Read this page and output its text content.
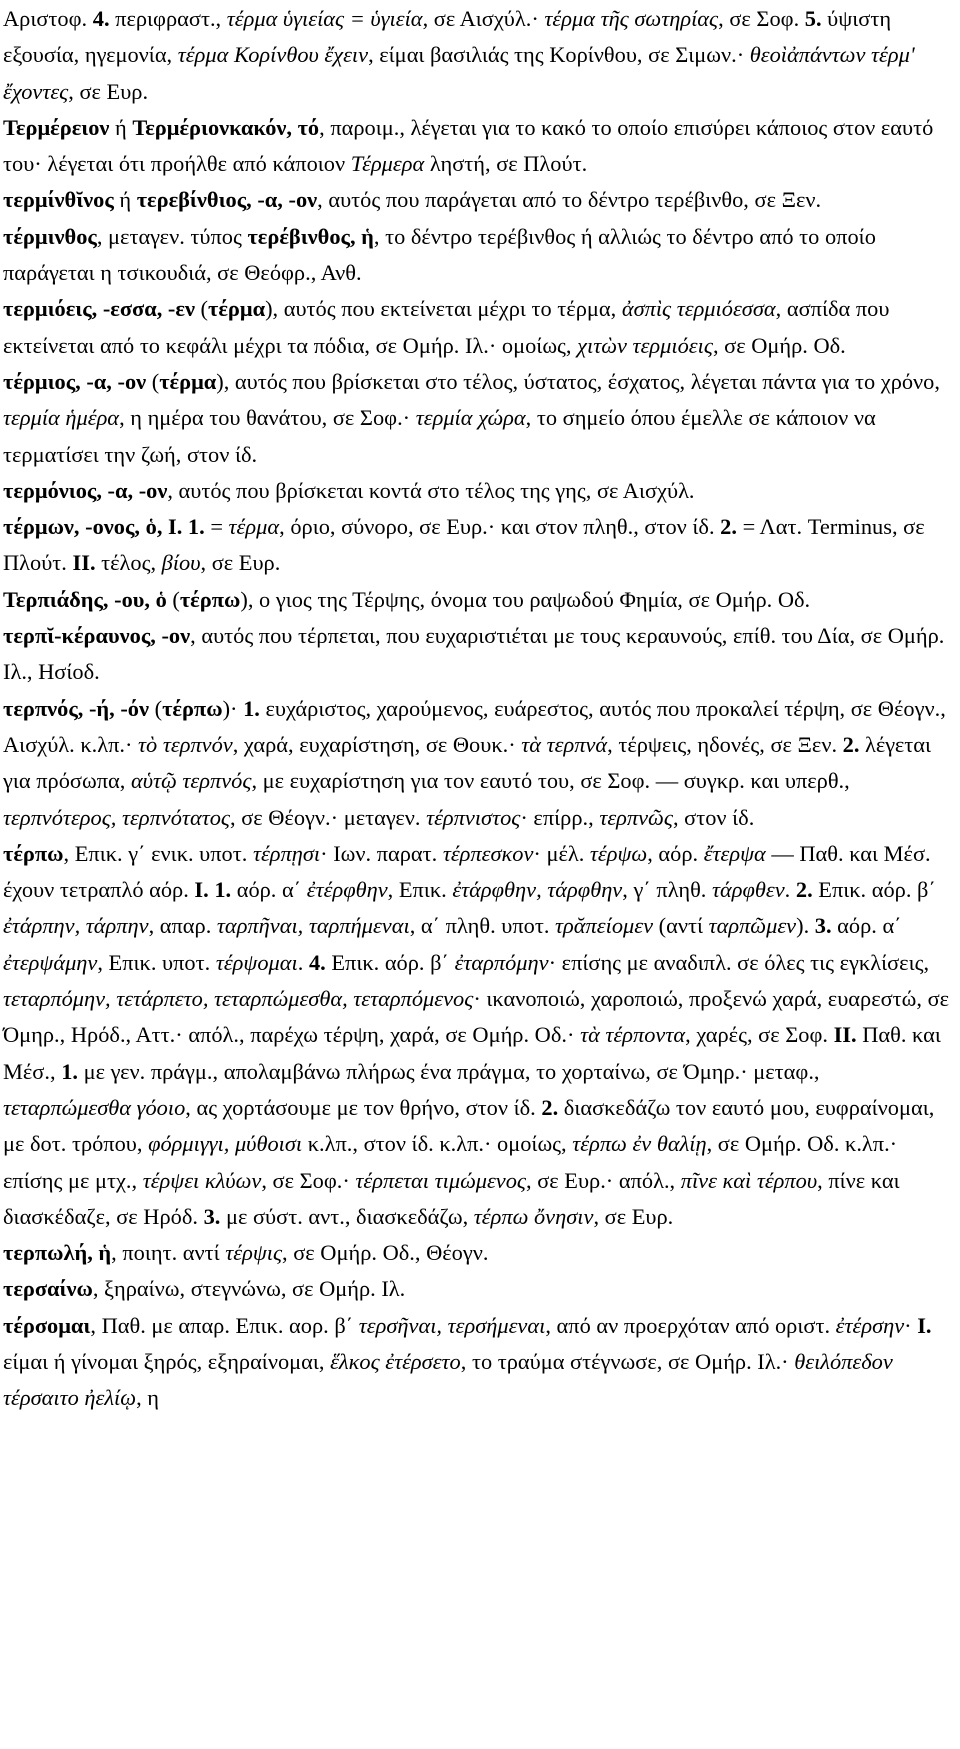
Αριστοφ. 4. περιφραστ., τέρμα ὑγιείας = ὑγιεία, σε Αισχύλ.· τέρμα τῆς σωτηρίας, σε Σοφ. 5. ύψιστη εξουσία, ηγεμονία, τέρμα Κορίνθου ἔχειν, είμαι βασιλιάς της Κορίνθου, σε Σιμων.· θεοὶἀπάντων τέρμ' ἔχοντες, σε Ευρ.

Τερμέρειον ή Τερμέριονκακόν, τό, παροιμ., λέγεται για το κακό το οποίο επισύρει κάποιος στον εαυτό του· λέγεται ότι προήλθε από κάποιον Τέρμερα ληστή, σε Πλούτ.

τερμίνθῐνος ή τερεβίνθιος, -α, -ον, αυτός που παράγεται από το δέντρο τερέβινθο, σε Ξεν.

τέρμινθος, μεταγεν. τύπος τερέβινθος, ἡ, το δέντρο τερέβινθος ή αλλιώς το δέντρο από το οποίο παράγεται η τσικουδιά, σε Θεόφρ., Ανθ.

τερμιόεις, -εσσα, -εν (τέρμα), αυτός που εκτείνεται μέχρι το τέρμα, ἀσπὶς τερμιόεσσα, ασπίδα που εκτείνεται από το κεφάλι μέχρι τα πόδια, σε Ομήρ. Ιλ.· ομοίως, χιτὼν τερμιόεις, σε Ομήρ. Οδ.

τέρμιος, -α, -ον (τέρμα), αυτός που βρίσκεται στο τέλος, ύστατος, έσχατος, λέγεται πάντα για το χρόνο, τερμία ἡμέρα, η ημέρα του θανάτου, σε Σοφ.· τερμία χώρα, το σημείο όπου έμελλε σε κάποιον να τερματίσει την ζωή, στον ίδ.

τερμόνιος, -α, -ον, αυτός που βρίσκεται κοντά στο τέλος της γης, σε Αισχύλ.

τέρμων, -ονος, ὁ, I. 1. = τέρμα, όριο, σύνορο, σε Ευρ.· και στον πληθ., στον ίδ. 2. = Λατ. Terminus, σε Πλούτ. II. τέλος, βίου, σε Ευρ.

Τερπιάδης, -ου, ὁ (τέρπω), ο γιος της Τέρψης, όνομα του ραψωδού Φημία, σε Ομήρ. Οδ.

τερπῐ-κέραυνος, -ον, αυτός που τέρπεται, που ευχαριστιέται με τους κεραυνούς, επίθ. του Δία, σε Ομήρ. Ιλ., Ησίοδ.

τερπνός, -ή, -όν (τέρπω)· 1. ευχάριστος, χαρούμενος, ευάρεστος, αυτός που προκαλεί τέρψη, σε Θέογν., Αισχύλ. κ.λπ.· τὸ τερπνόν, χαρά, ευχαρίστηση, σε Θουκ.· τὰ τερπνά, τέρψεις, ηδονές, σε Ξεν. 2. λέγεται για πρόσωπα, αὑτῷ τερπνός, με ευχαρίστηση για τον εαυτό του, σε Σοφ. — συγκρ. και υπερθ., τερπνότερος, τερπνότατος, σε Θέογν.· μεταγεν. τέρπνιστος· επίρρ., τερπνῶς, στον ίδ.

τέρπω, Επικ. γ΄ ενικ. υποτ. τέρπῃσι· Ιων. παρατ. τέρπεσκον· μέλ. τέρψω, αόρ. ἔτερψα — Παθ. και Μέσ. έχουν τετραπλό αόρ. I. 1. αόρ. α΄ ἐτέρφθην, Επικ. ἐτάρφθην, τάρφθην, γ΄ πληθ. τάρφθεν. 2. Επικ. αόρ. β΄ ἐτάρπην, τάρπην, απαρ. ταρπῆναι, ταρπήμεναι, α΄ πληθ. υποτ. τρᾰπείομεν (αντί ταρπῶμεν). 3. αόρ. α΄ ἐτερψάμην, Επικ. υποτ. τέρψομαι. 4. Επικ. αόρ. β΄ ἐταρπόμην· επίσης με αναδιπλ. σε όλες τις εγκλίσεις, τεταρπόμην, τετάρπετο, τεταρπώμεσθα, τεταρπόμενος· ικανοποιώ, χαροποιώ, προξενώ χαρά, ευαρεστώ, σε Όμηρ., Ηρόδ., Αττ.· απόλ., παρέχω τέρψη, χαρά, σε Ομήρ. Οδ.· τὰ τέρποντα, χαρές, σε Σοφ. II. Παθ. και Μέσ., 1. με γεν. πράγμ., απολαμβάνω πλήρως ένα πράγμα, το χορταίνω, σε Όμηρ.· μεταφ., τεταρπώμεσθα γόοιο, ας χορτάσουμε με τον θρήνο, στον ίδ. 2. διασκεδάζω τον εαυτό μου, ευφραίνομαι, με δοτ. τρόπου, φόρμιγγι, μύθοισι κ.λπ., στον ίδ. κ.λπ.· ομοίως, τέρπω ἐν θαλίῃ, σε Ομήρ. Οδ. κ.λπ.· επίσης με μτχ., τέρψει κλύων, σε Σοφ.· τέρπεται τιμώμενος, σε Ευρ.· απόλ., πῖνε καὶ τέρπου, πίνε και διασκέδαζε, σε Ηρόδ. 3. με σύστ. αντ., διασκεδάζω, τέρπω ὄνησιν, σε Ευρ.

τερπωλή, ἡ, ποιητ. αντί τέρψις, σε Ομήρ. Οδ., Θέογν.

τερσαίνω, ξηραίνω, στεγνώνω, σε Ομήρ. Ιλ.

τέρσομαι, Παθ. με απαρ. Επικ. αορ. β΄ τερσῆναι, τερσήμεναι, από αν προερχόταν από οριστ. ἐτέρσην· I. είμαι ή γίνομαι ξηρός, εξηραίνομαι, ἕλκος ἐτέρσετο, το τραύμα στέγνωσε, σε Ομήρ. Ιλ.· θειλόπεδον τέρσαιτο ἠελίῳ, η
